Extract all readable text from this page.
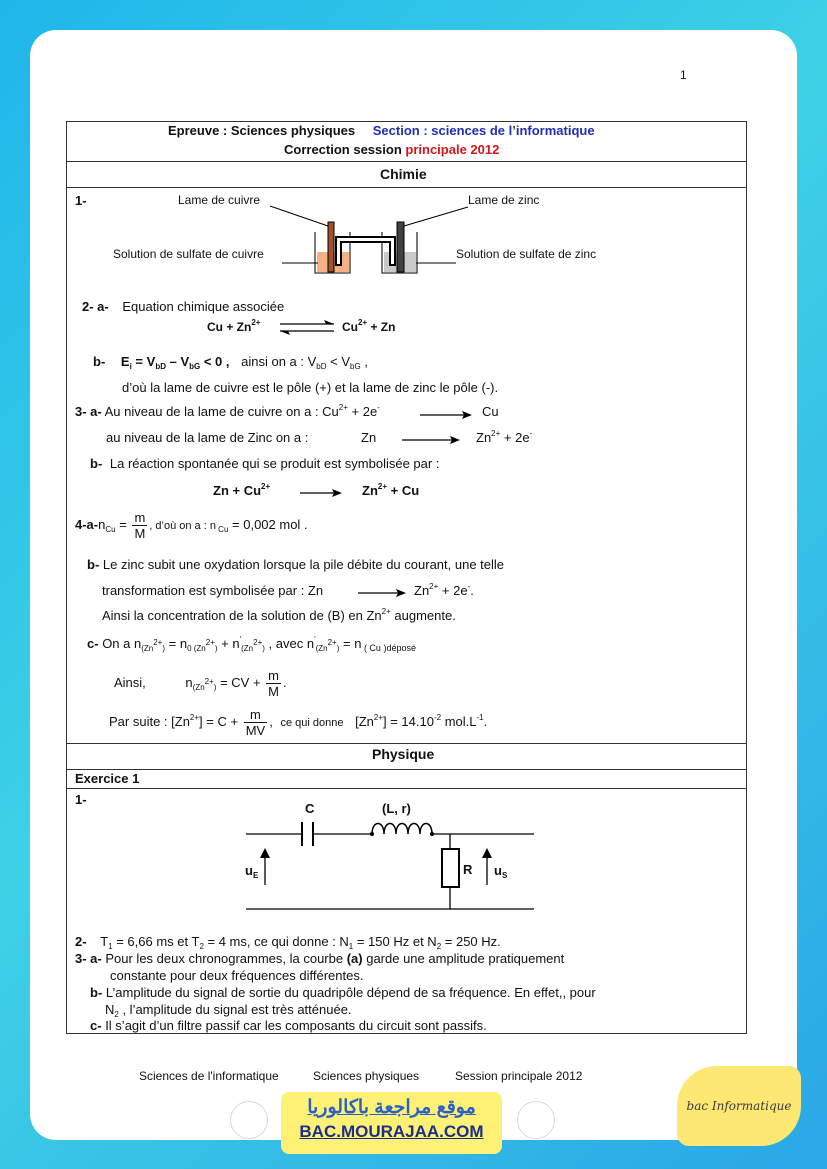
1
Epreuve : Sciences physiques Section : sciences de l’informatique
Correction session principale 2012
Chimie
1-	Lame de cuivre	Lame de zinc
Solution de sulfate de cuivre	Solution de sulfate de zinc
2- a- Equation chimique associée
$Cu + Zn^{2+}$ ⇌ $Cu^{2+} + Zn$
b- $E_i = V_{bD} - V_{bG} < 0$ , ainsi on a : $V_{bD} < V_{bG}$ ,
d’où la lame de cuivre est le pôle (+) et la lame de zinc le pôle (-).
3- a- Au niveau de la lame de cuivre on a : $Cu^{2+} + 2e^-$	Cu
au niveau de la lame de Zinc on a :	Zn	$Zn^{2+} + 2e^-$
b- La réaction spontanée qui se produit est symbolisée par :
$Zn + Cu^{2+}$	$Zn^{2+} + Cu$
$4-a-n_{Cu} = \frac{m}{M}$ , d’où on a : n $_{Cu}$ = 0,002 mol .
b- Le zinc subit une oxydation lorsque la pile débite du courant, une telle
transformation est symbolisée par : Zn	$Zn^{2+} + 2e^-$.
Ainsi la concentration de la solution de (B) en $Zn^{2+}$ augmente.
c- On a $n_{(Zn^{2+})} = n_{0 (Zn^{2+})} + n'_{(Zn^{2+})}$ , avec $n'_{(Zn^{2+})} = n$ $_{( Cu )déposé}$
Ainsi,	$n_{(Zn^{2+})}$ = CV + $\frac{m}{M}$ .
Par suite : $[Zn^{2+}] = C + \frac{m}{MV}$ , ce qui donne $[Zn^{2+}] = 14.10^{-2}$ $mol.L^{-1}$.
Physique
Exercice 1
1-
C	(L, r)
R
$u_E$	$u_S$
2- $T_1 = 6,66$ ms et $T_2 = 4$ ms, ce qui donne : $N_1 = 150$ Hz et $N_2 = 250$ Hz.
3- a- Pour les deux chronogrammes, la courbe (a) garde une amplitude pratiquement
constante pour deux fréquences différentes.
b- L’amplitude du signal de sortie du quadripôle dépend de sa fréquence. En effet,, pour
$N_2$ , l’amplitude du signal est très atténuée.
c- Il s’agit d’un filtre passif car les composants du circuit sont passifs.
Sciences de l'informatique	Sciences physiques	Session principale 2012
موقع مراجعة باكالوريا
BAC.MOURAJAA.COM
bac Informatique
